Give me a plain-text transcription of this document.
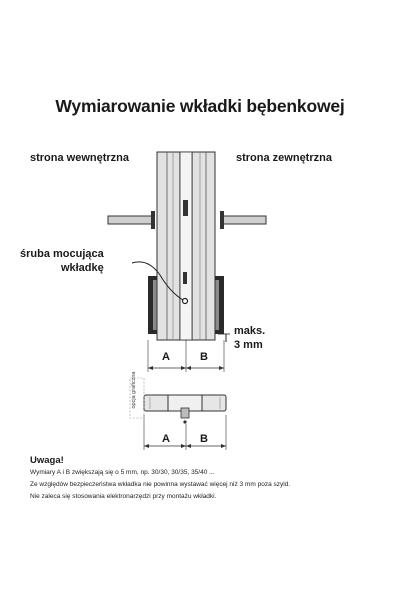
Wymiarowanie wkładki bębenkowej
strona wewnętrzna	strona zewnętrzna
śruba mocująca
wkładkę
maks.
3 mm
A	B
A	B
opcja graficzna
Uwaga!
Wymiary A i B zwiększają się o 5 mm, np. 30/30, 30/35, 35/40 ...
Ze względów bezpieczeństwa wkładka nie powinna wystawać więcej niż 3 mm poza szyld.
Nie zaleca się stosowania elektronarzędzi przy montażu wkładki.
